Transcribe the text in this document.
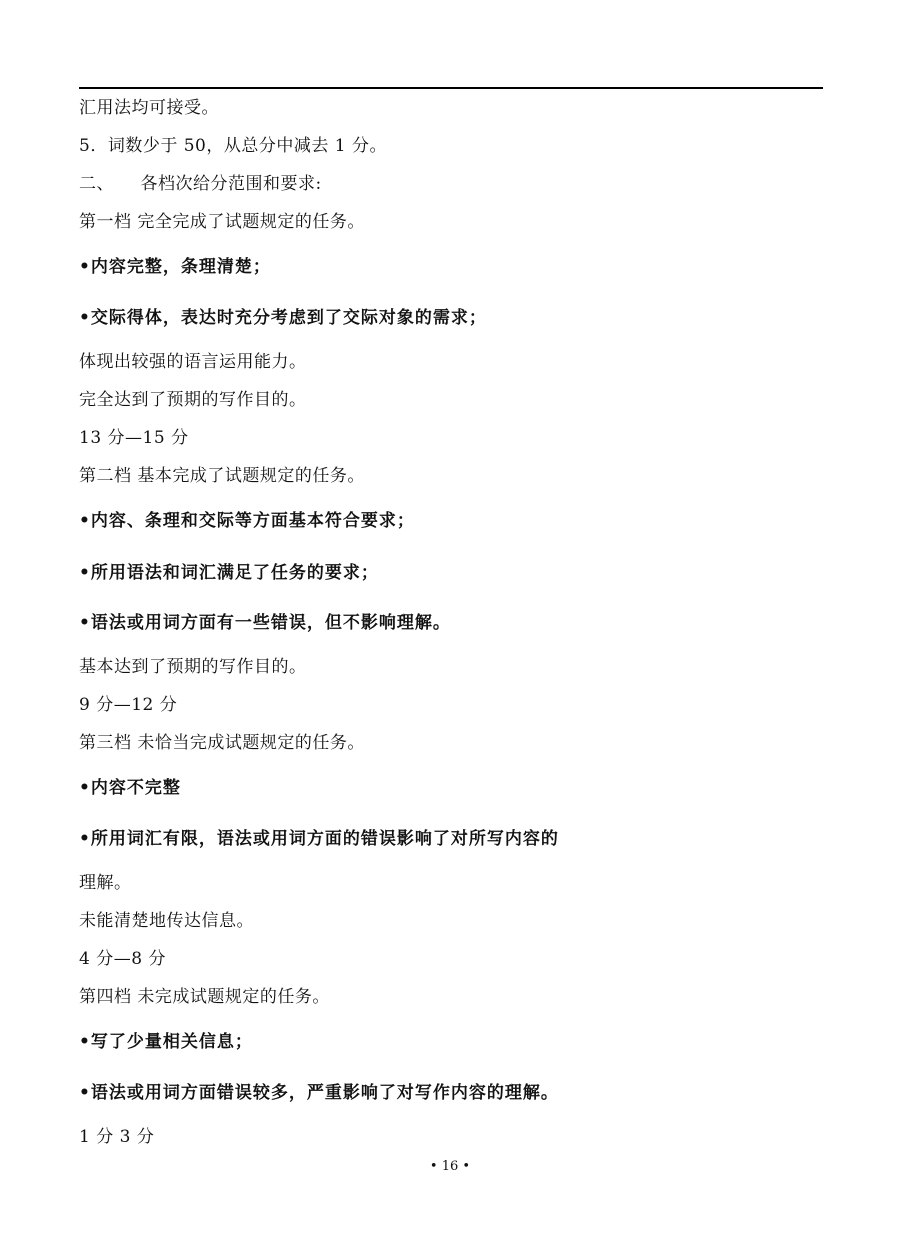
汇用法均可接受。
5．词数少于 50，从总分中减去 1 分。
二、　　各档次给分范围和要求:
第一档 完全完成了试题规定的任务。
•内容完整，条理清楚；
•交际得体，表达时充分考虑到了交际对象的需求；
体现出较强的语言运用能力。
完全达到了预期的写作目的。
13 分—15 分
第二档 基本完成了试题规定的任务。
•内容、条理和交际等方面基本符合要求；
•所用语法和词汇满足了任务的要求；
•语法或用词方面有一些错误，但不影响理解。
基本达到了预期的写作目的。
9 分—12 分
第三档 未恰当完成试题规定的任务。
•内容不完整
•所用词汇有限，语法或用词方面的错误影响了对所写内容的
理解。
未能清楚地传达信息。
4 分—8 分
第四档 未完成试题规定的任务。
•写了少量相关信息；
•语法或用词方面错误较多，严重影响了对写作内容的理解。
1 分 3 分
• 16 •
